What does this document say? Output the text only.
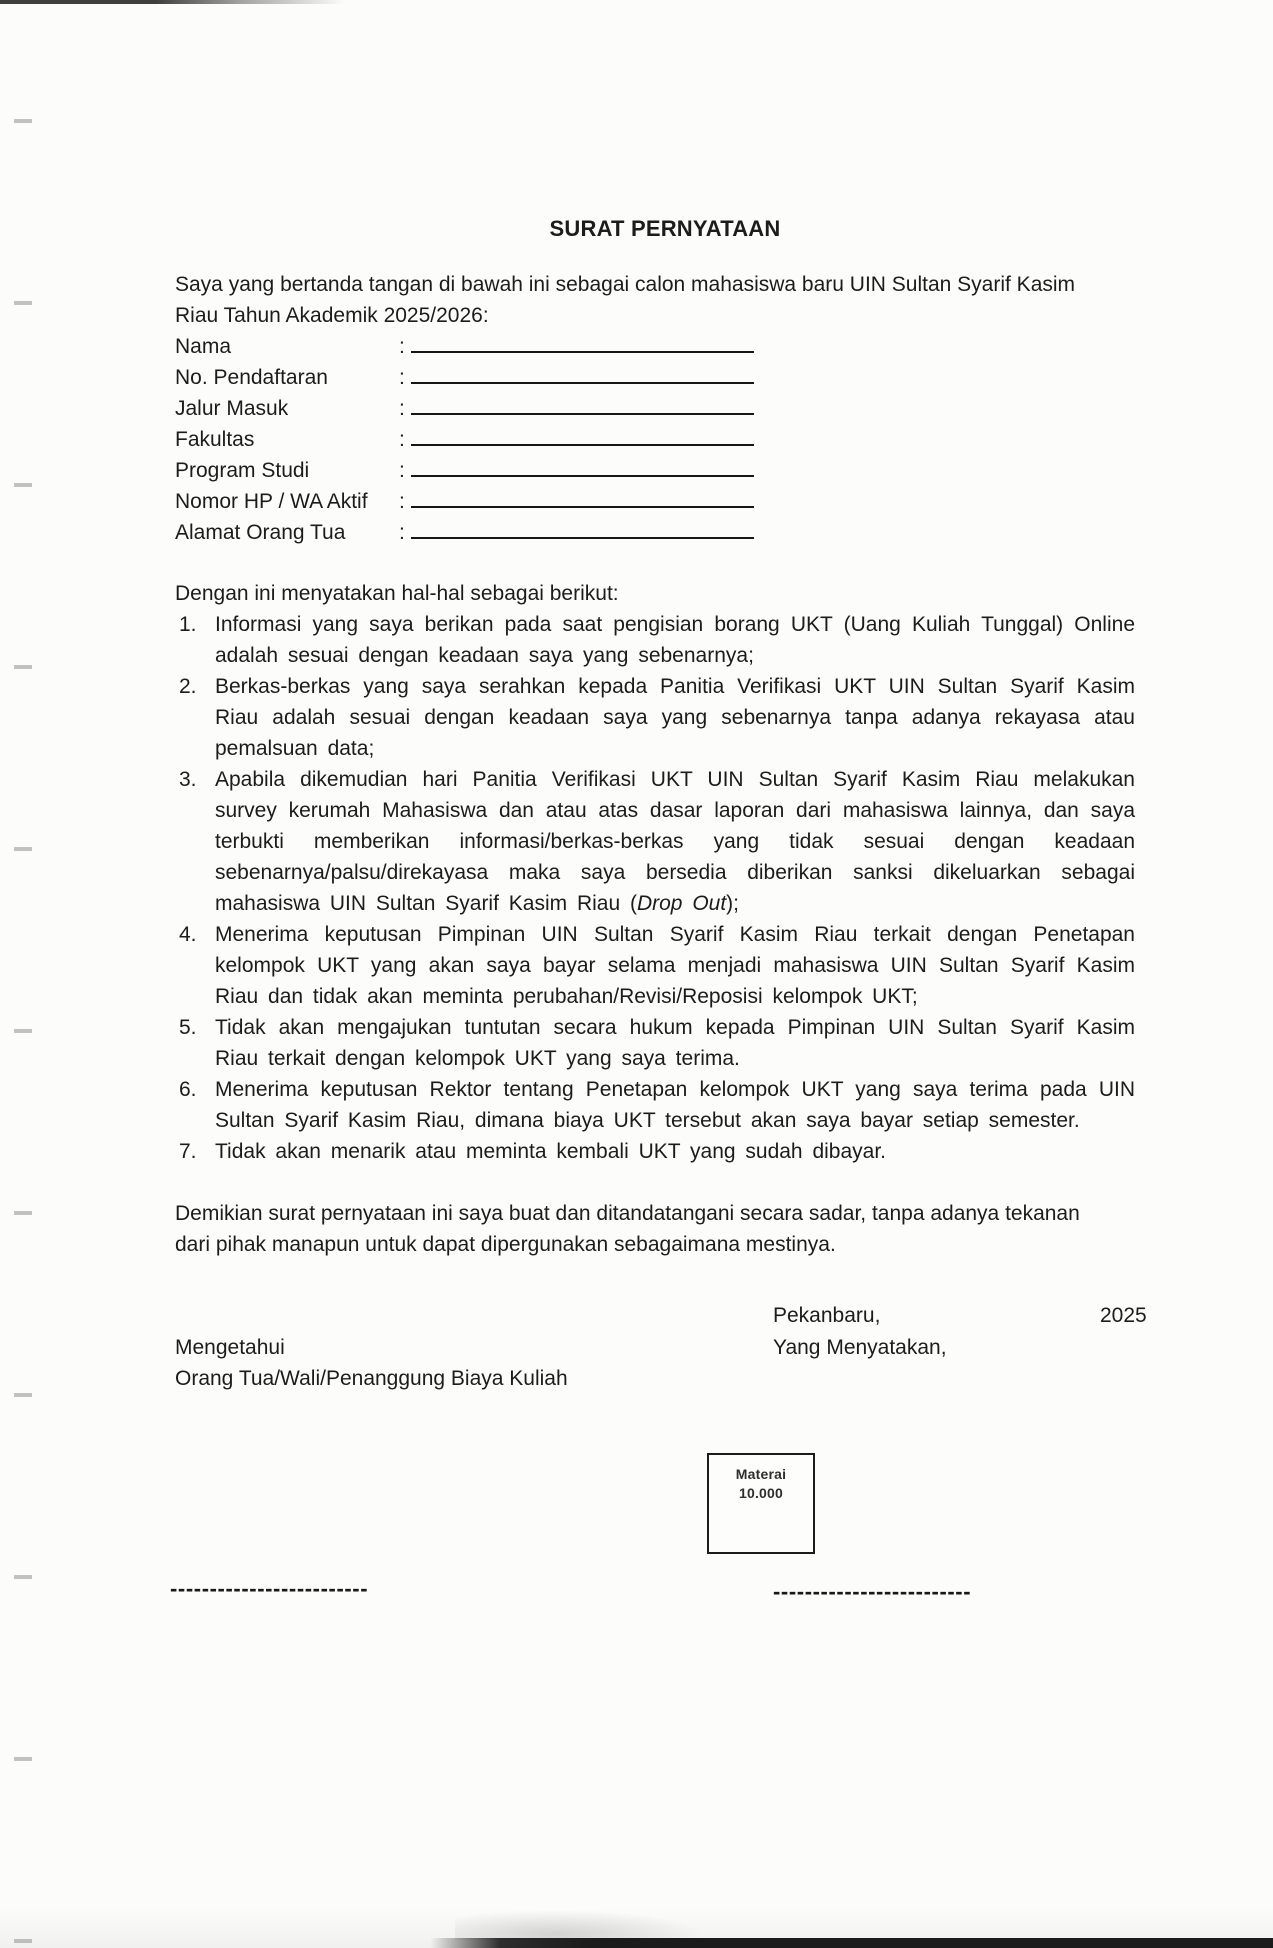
SURAT PERNYATAAN
Saya yang bertanda tangan di bawah ini sebagai calon mahasiswa baru UIN Sultan Syarif Kasim Riau Tahun Akademik 2025/2026:
Nama	:
No. Pendaftaran	:
Jalur Masuk	:
Fakultas	:
Program Studi	:
Nomor HP / WA Aktif :
Alamat Orang Tua	:
Dengan ini menyatakan hal-hal sebagai berikut:
1. Informasi yang saya berikan pada saat pengisian borang UKT (Uang Kuliah Tunggal) Online adalah sesuai dengan keadaan saya yang sebenarnya;
2. Berkas-berkas yang saya serahkan kepada Panitia Verifikasi UKT UIN Sultan Syarif Kasim Riau adalah sesuai dengan keadaan saya yang sebenarnya tanpa adanya rekayasa atau pemalsuan data;
3. Apabila dikemudian hari Panitia Verifikasi UKT UIN Sultan Syarif Kasim Riau melakukan survey kerumah Mahasiswa dan atau atas dasar laporan dari mahasiswa lainnya, dan saya terbukti memberikan informasi/berkas-berkas yang tidak sesuai dengan keadaan sebenarnya/palsu/direkayasa maka saya bersedia diberikan sanksi dikeluarkan sebagai mahasiswa UIN Sultan Syarif Kasim Riau (Drop Out);
4. Menerima keputusan Pimpinan UIN Sultan Syarif Kasim Riau terkait dengan Penetapan kelompok UKT yang akan saya bayar selama menjadi mahasiswa UIN Sultan Syarif Kasim Riau dan tidak akan meminta perubahan/Revisi/Reposisi kelompok UKT;
5. Tidak akan mengajukan tuntutan secara hukum kepada Pimpinan UIN Sultan Syarif Kasim Riau terkait dengan kelompok UKT yang saya terima.
6. Menerima keputusan Rektor tentang Penetapan kelompok UKT yang saya terima pada UIN Sultan Syarif Kasim Riau, dimana biaya UKT tersebut akan saya bayar setiap semester.
7. Tidak akan menarik atau meminta kembali UKT yang sudah dibayar.
Demikian surat pernyataan ini saya buat dan ditandatangani secara sadar, tanpa adanya tekanan dari pihak manapun untuk dapat dipergunakan sebagaimana mestinya.
Pekanbaru,	2025
Mengetahui	Yang Menyatakan,
Orang Tua/Wali/Penanggung Biaya Kuliah
Materai
10.000
-------------------------	-------------------------
